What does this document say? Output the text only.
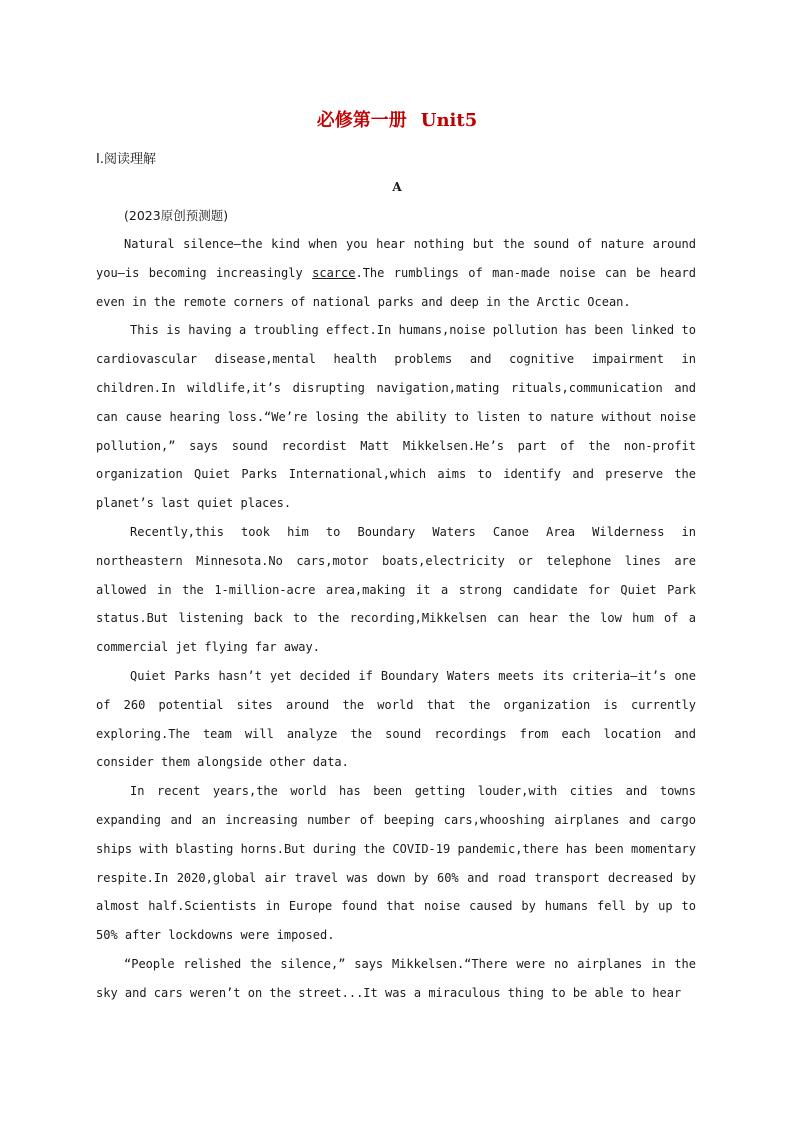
必修第一册 Unit5
Ⅰ.阅读理解
A
(2023原创预测题)

Natural silence—the kind when you hear nothing but the sound of nature around you—is becoming increasingly scarce.The rumblings of man-made noise can be heard even in the remote corners of national parks and deep in the Arctic Ocean.

This is having a troubling effect.In humans,noise pollution has been linked to cardiovascular disease,mental health problems and cognitive impairment in children.In wildlife,it’s disrupting navigation,mating rituals,communication and can cause hearing loss.“We’re losing the ability to listen to nature without noise pollution,” says sound recordist Matt Mikkelsen.He’s part of the non-profit organization Quiet Parks International,which aims to identify and preserve the planet’s last quiet places.

Recently,this took him to Boundary Waters Canoe Area Wilderness in northeastern Minnesota.No cars,motor boats,electricity or telephone lines are allowed in the 1-million-acre area,making it a strong candidate for Quiet Park status.But listening back to the recording,Mikkelsen can hear the low hum of a commercial jet flying far away.

Quiet Parks hasn’t yet decided if Boundary Waters meets its criteria—it’s one of 260 potential sites around the world that the organization is currently exploring.The team will analyze the sound recordings from each location and consider them alongside other data.

In recent years,the world has been getting louder,with cities and towns expanding and an increasing number of beeping cars,whooshing airplanes and cargo ships with blasting horns.But during the COVID-19 pandemic,there has been momentary respite.In 2020,global air travel was down by 60% and road transport decreased by almost half.Scientists in Europe found that noise caused by humans fell by up to 50% after lockdowns were imposed.

“People relished the silence,” says Mikkelsen.“There were no airplanes in the sky and cars weren’t on the street...It was a miraculous thing to be able to hear
